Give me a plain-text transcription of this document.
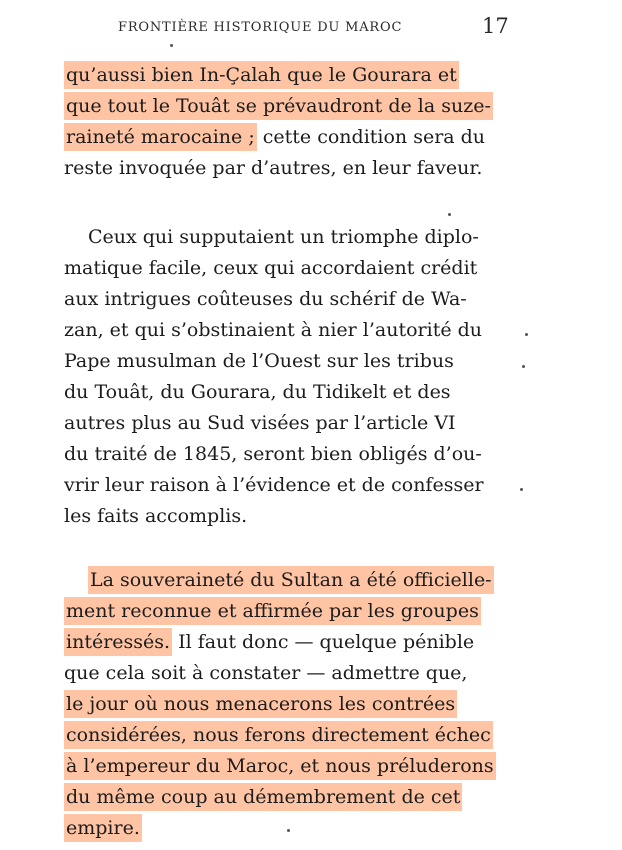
FRONTIÈRE HISTORIQUE DU MAROC	17
qu’aussi bien In-Çalah que le Gourara et
que tout le Touât se prévaudront de la suze-
raineté marocaine ; cette condition sera du
reste invoquée par d’autres, en leur faveur.
Ceux qui supputaient un triomphe diplo-
matique facile, ceux qui accordaient crédit
aux intrigues coûteuses du schérif de Wa-
zan, et qui s’obstinaient à nier l’autorité du
Pape musulman de l’Ouest sur les tribus
du Touât, du Gourara, du Tidikelt et des
autres plus au Sud visées par l’article VI
du traité de 1845, seront bien obligés d’ou-
vrir leur raison à l’évidence et de confesser
les faits accomplis.
La souveraineté du Sultan a été officielle-
ment reconnue et affirmée par les groupes
intéressés. Il faut donc — quelque pénible
que cela soit à constater — admettre que,
le jour où nous menacerons les contrées
considérées, nous ferons directement échec
à l’empereur du Maroc, et nous préluderons
du même coup au démembrement de cet
empire.
